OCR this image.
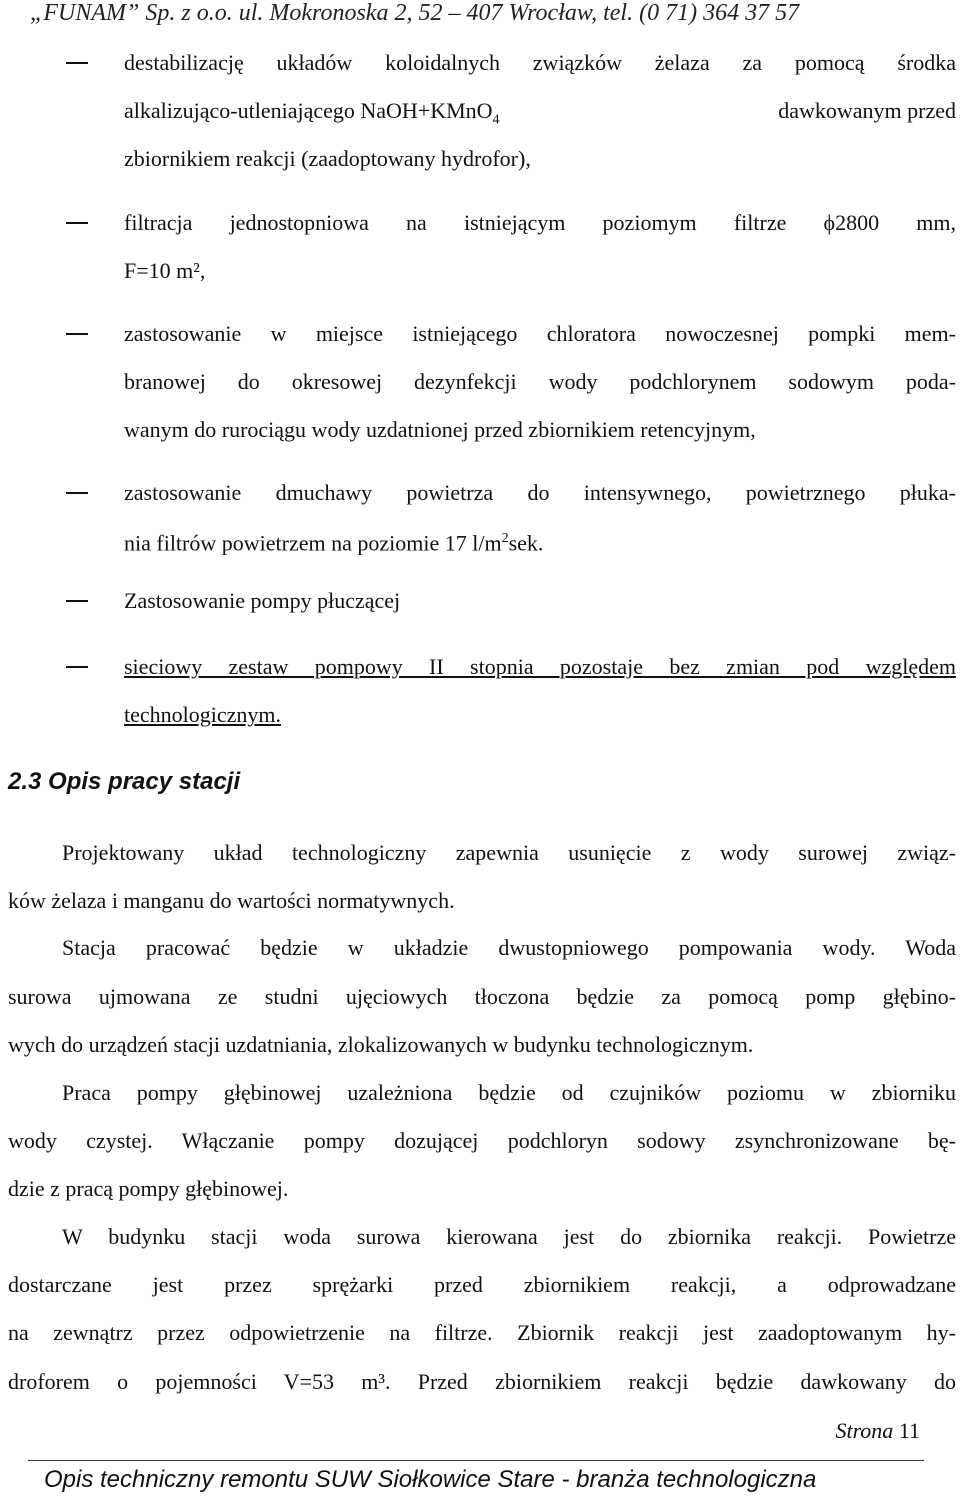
„FUNAM” Sp. z o.o. ul. Mokronoska 2, 52 – 407 Wrocław, tel. (0 71) 364 37 57
destabilizację układów koloidalnych związków żelaza za pomocą środka
alkalizująco-utleniającego NaOH+KMnO$_4$	dawkowanym przed
zbiornikiem reakcji (zaadoptowany hydrofor),
filtracja jednostopniowa na istniejącym poziomym filtrze ϕ2800 mm,
F=10 m²,
zastosowanie w miejsce istniejącego chloratora nowoczesnej pompki mem-
branowej do okresowej dezynfekcji wody podchlorynem sodowym poda-
wanym do rurociągu wody uzdatnionej przed zbiornikiem retencyjnym,
zastosowanie dmuchawy powietrza do intensywnego, powietrznego płuka-
nia filtrów powietrzem na poziomie 17 $l/m^2sek$.
Zastosowanie pompy płuczącej
sieciowy zestaw pompowy II stopnia pozostaje bez zmian pod względem
technologicznym.
2.3 Opis pracy stacji
Projektowany układ technologiczny zapewnia usunięcie z wody surowej związ-
ków żelaza i manganu do wartości normatywnych.
Stacja pracować będzie w układzie dwustopniowego pompowania wody. Woda
surowa ujmowana ze studni ujęciowych tłoczona będzie za pomocą pomp głębino-
wych do urządzeń stacji uzdatniania, zlokalizowanych w budynku technologicznym.
Praca pompy głębinowej uzależniona będzie od czujników poziomu w zbiorniku
wody czystej. Włączanie pompy dozującej podchloryn sodowy zsynchronizowane bę-
dzie z pracą pompy głębinowej.
W budynku stacji woda surowa kierowana jest do zbiornika reakcji. Powietrze
dostarczane jest przez sprężarki przed zbiornikiem reakcji, a odprowadzane
na zewnątrz przez odpowietrzenie na filtrze. Zbiornik reakcji jest zaadoptowanym hy-
droforem o pojemności V=53 m³. Przed zbiornikiem reakcji będzie dawkowany do
Strona 11
Opis techniczny remontu SUW Siołkowice Stare - branża technologiczna
